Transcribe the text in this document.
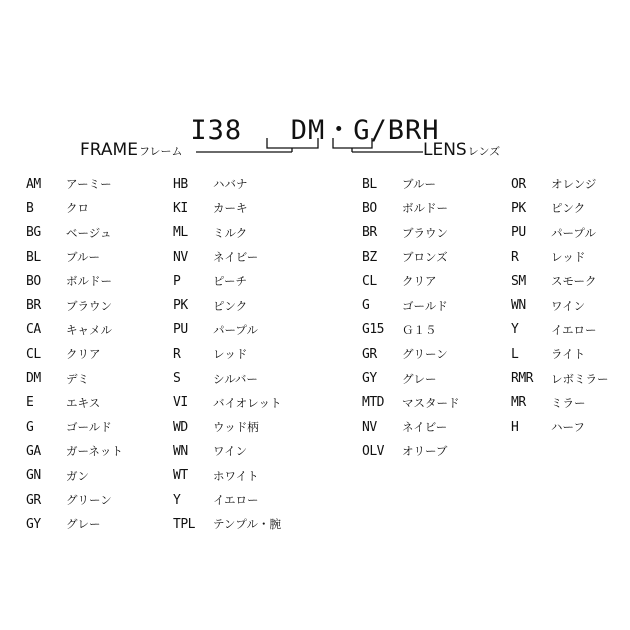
I38 DM・G/BRH
FRAMEフレーム	LENSレンズ
AM	アーミー
B	クロ
BG	ベージュ
BL	ブルー
BO	ボルドー
BR	ブラウン
CA	キャメル
CL	クリア
DM	デミ
E	エキス
G	ゴールド
GA	ガーネット
GN	ガン
GR	グリーン
GY	グレー
HB	ハバナ
KI	カーキ
ML	ミルク
NV	ネイビー
P	ピーチ
PK	ピンク
PU	パープル
R	レッド
S	シルバー
VI	バイオレット
WD	ウッド柄
WN	ワイン
WT	ホワイト
Y	イエロー
TPL	テンプル・腕
BL	ブルー
BO	ボルドー
BR	ブラウン
BZ	ブロンズ
CL	クリア
G	ゴールド
G15	Ｇ１５
GR	グリーン
GY	グレー
MTD	マスタード
NV	ネイビー
OLV	オリーブ
OR	オレンジ
PK	ピンク
PU	パープル
R	レッド
SM	スモーク
WN	ワイン
Y	イエロー
L	ライト
RMR	レボミラー
MR	ミラー
H	ハーフ
